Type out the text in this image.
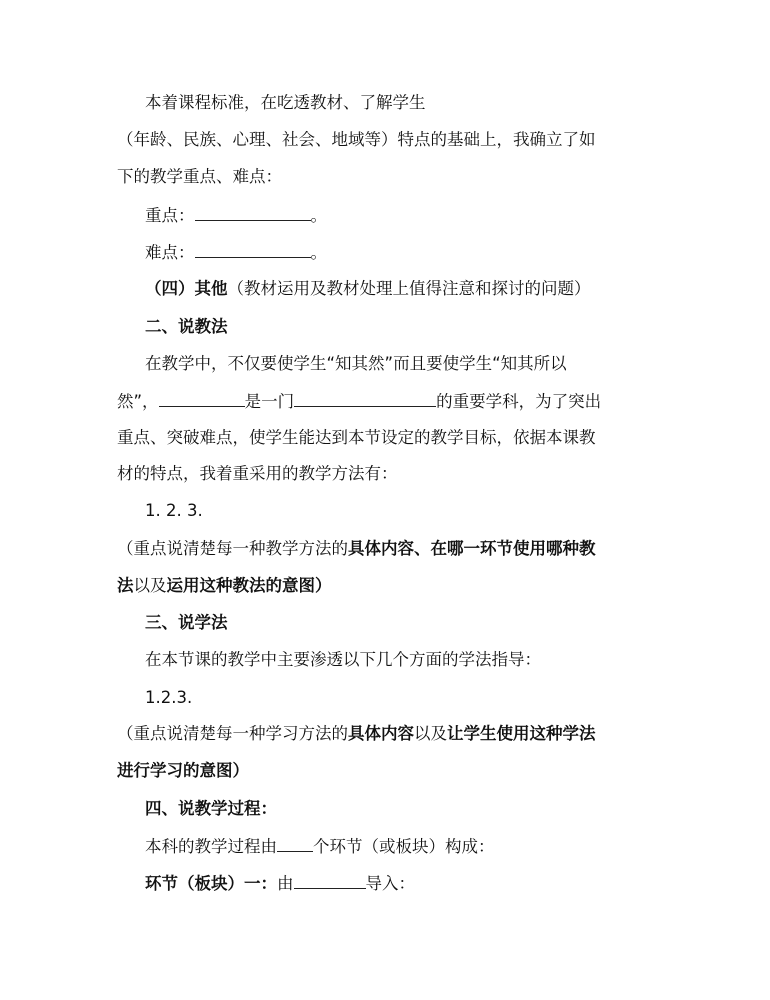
本着课程标准，在吃透教材、了解学生
（年龄、民族、心理、社会、地域等）特点的基础上，我确立了如
下的教学重点、难点：
重点：	。
难点：	。
（四）其他（教材运用及教材处理上值得注意和探讨的问题）
二、说教法
在教学中，不仅要使学生“知其然”而且要使学生“知其所以
然”，	是一门	的重要学科，为了突出
重点、突破难点，使学生能达到本节设定的教学目标，依据本课教
材的特点，我着重采用的教学方法有：
1. 2. 3.
（重点说清楚每一种教学方法的具体内容、在哪一环节使用哪种教
法以及运用这种教法的意图）
三、说学法
在本节课的教学中主要渗透以下几个方面的学法指导：
1.2.3.
（重点说清楚每一种学习方法的具体内容以及让学生使用这种学法
进行学习的意图）
四、说教学过程：
本科的教学过程由 个环节（或板块）构成：
环节（板块）一：由	导入：
